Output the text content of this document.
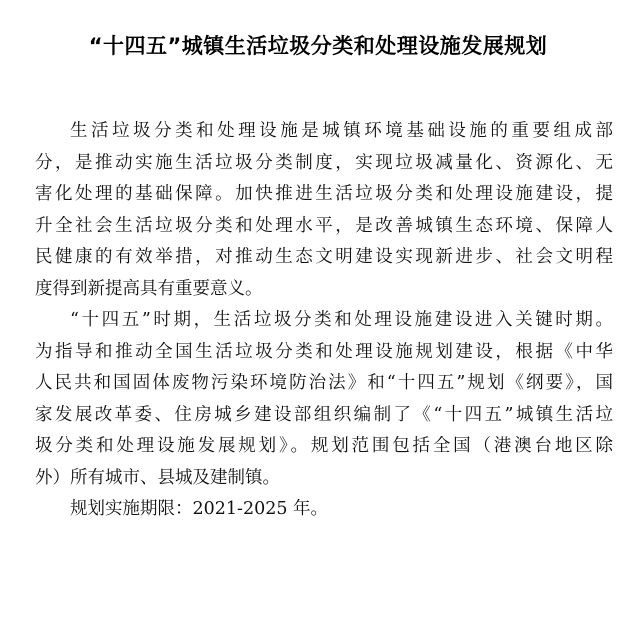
“十四五”城镇生活垃圾分类和处理设施发展规划
生活垃圾分类和处理设施是城镇环境基础设施的重要组成部
分，是推动实施生活垃圾分类制度，实现垃圾减量化、资源化、无
害化处理的基础保障。加快推进生活垃圾分类和处理设施建设，提
升全社会生活垃圾分类和处理水平，是改善城镇生态环境、保障人
民健康的有效举措，对推动生态文明建设实现新进步、社会文明程
度得到新提高具有重要意义。
“十四五”时期，生活垃圾分类和处理设施建设进入关键时期。
为指导和推动全国生活垃圾分类和处理设施规划建设，根据《中华
人民共和国固体废物污染环境防治法》和“十四五”规划《纲要》，国
家发展改革委、住房城乡建设部组织编制了《“十四五”城镇生活垃
圾分类和处理设施发展规划》。规划范围包括全国（港澳台地区除
外）所有城市、县城及建制镇。
规划实施期限：2021-2025 年。
